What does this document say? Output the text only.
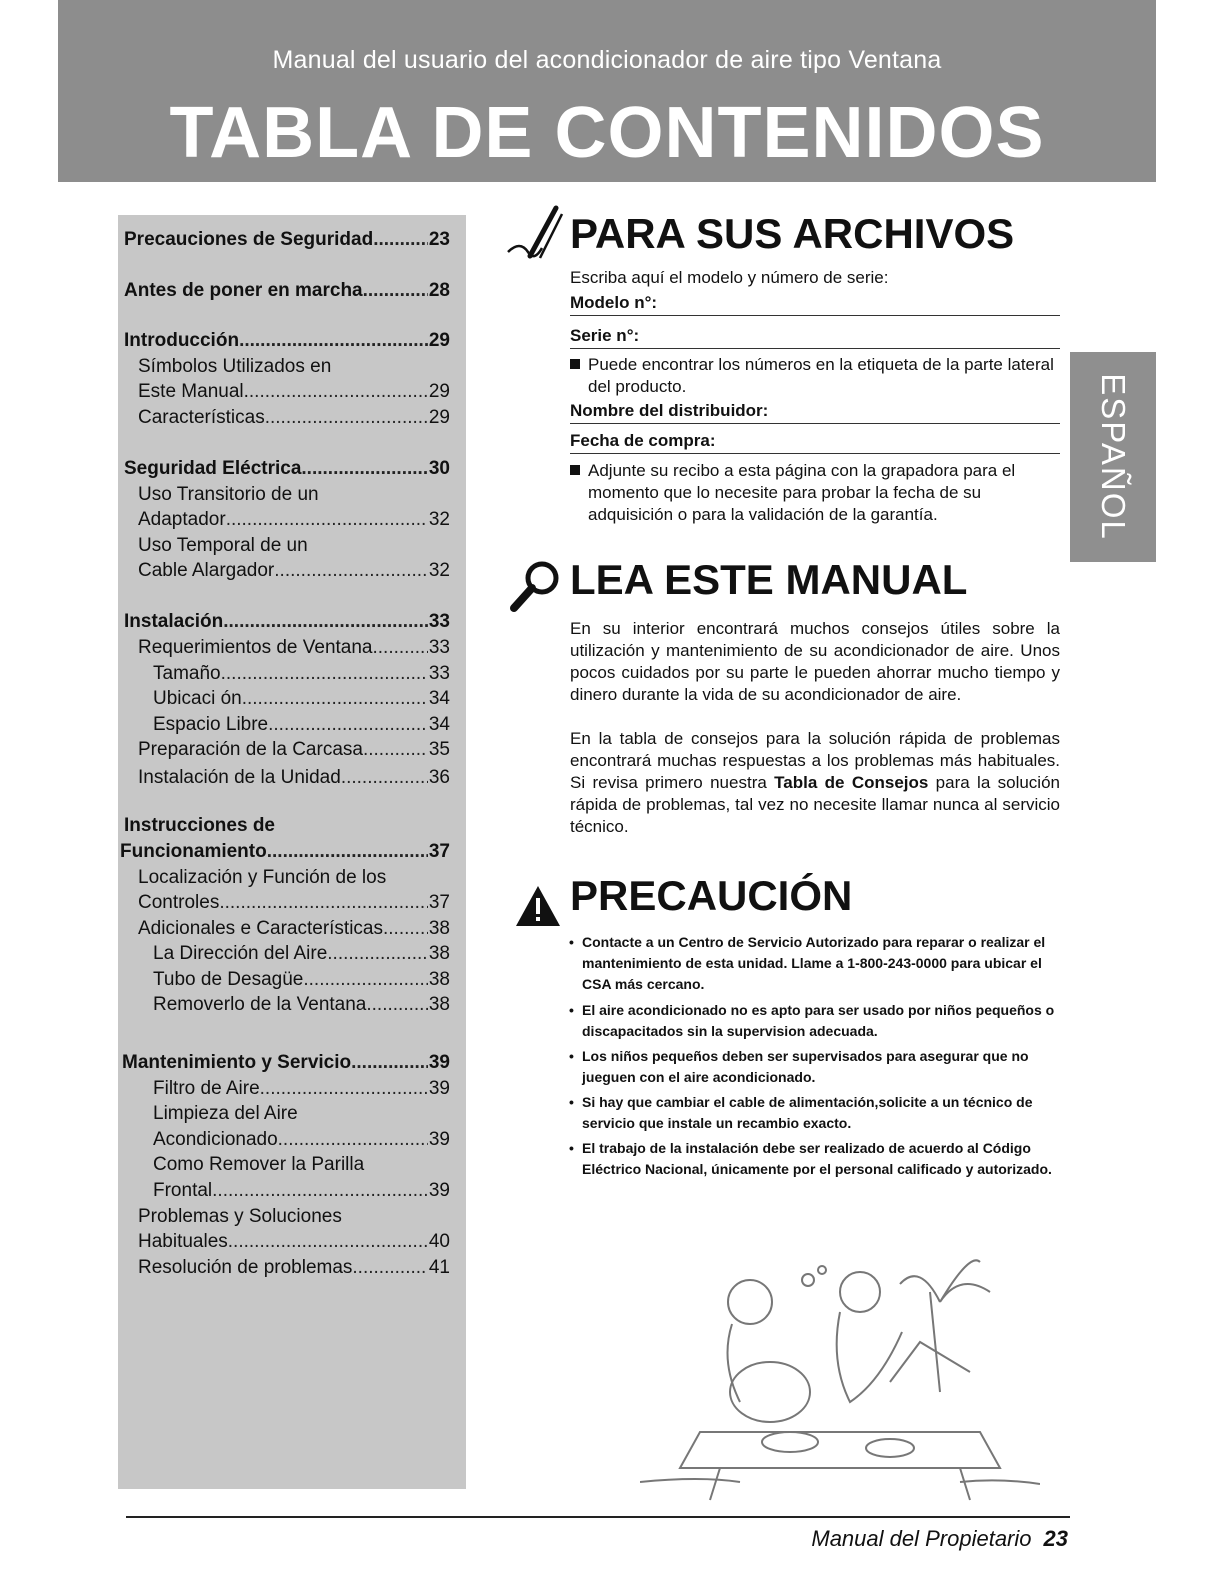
Manual del usuario del acondicionador de aire tipo Ventana
TABLA DE CONTENIDOS
Precauciones de Seguridad .....	23
Antes de poner en marcha .....	28
Introducción .....	29
Símbolos Utilizados en
Este Manual. .....	29
Características .....	29
Seguridad Eléctrica .....	30
Uso Transitorio de un
Adaptador .....	32
Uso Temporal de un
Cable Alargador .....	32
Instalación .....	33
Requerimientos de Ventana .....	33
Tamaño .....	33
Ubicaci ón .....	34
Espacio Libre .....	34
Preparación de la Carcasa .....	35
Instalación de la Unidad .....	36
Instrucciones de
Funcionamiento .....	37
Localización y Función de los
Controles .....	37
Adicionales e Características ..... 38
La Dirección del Aire .....	38
Tubo de Desagüe .....	38
Removerlo de la Ventana .....	38
Mantenimiento y Servicio .....	39
Filtro de Aire .....	39
Limpieza del Aire
Acondicionado .....	39
Como Remover la Parilla
Frontal .....	39
Problemas y Soluciones
Habituales .....	40
Resolución de problemas .....	41
PARA SUS ARCHIVOS
Escriba aquí el modelo y número de serie:
Modelo n°:
Serie n°:
Puede encontrar los números en la etiqueta de la parte lateral del producto.
Nombre del distribuidor:
Fecha de compra:
Adjunte su recibo a esta página con la grapadora para el momento que lo necesite para probar la fecha de su adquisición o para la validación de la garantía.
LEA ESTE MANUAL
En su interior encontrará muchos consejos útiles sobre la utilización y mantenimiento de su acondicionador de aire. Unos pocos cuidados por su parte le pueden ahorrar mucho tiempo y dinero durante la vida de su acondicionador de aire.
En la tabla de consejos para la solución rápida de problemas encontrará muchas respuestas a los problemas más habituales. Si revisa primero nuestra Tabla de Consejos para la solución rápida de problemas, tal vez no necesite llamar nunca al servicio técnico.
PRECAUCIÓN
• Contacte a un Centro de Servicio Autorizado para reparar o realizar el mantenimiento de esta unidad. Llame a 1-800-243-0000 para ubicar el CSA más cercano.
• El aire acondicionado no es apto para ser usado por niños pequeños o discapacitados sin la supervision adecuada.
• Los niños pequeños deben ser supervisados para asegurar que no jueguen con el aire acondicionado.
• Si hay que cambiar el cable de alimentación,solicite a un técnico de servicio que instale un recambio exacto.
• El trabajo de la instalación debe ser realizado de acuerdo al Código Eléctrico Nacional, únicamente por el personal calificado y autorizado.
ESPAÑOL
Manual del Propietario 23
